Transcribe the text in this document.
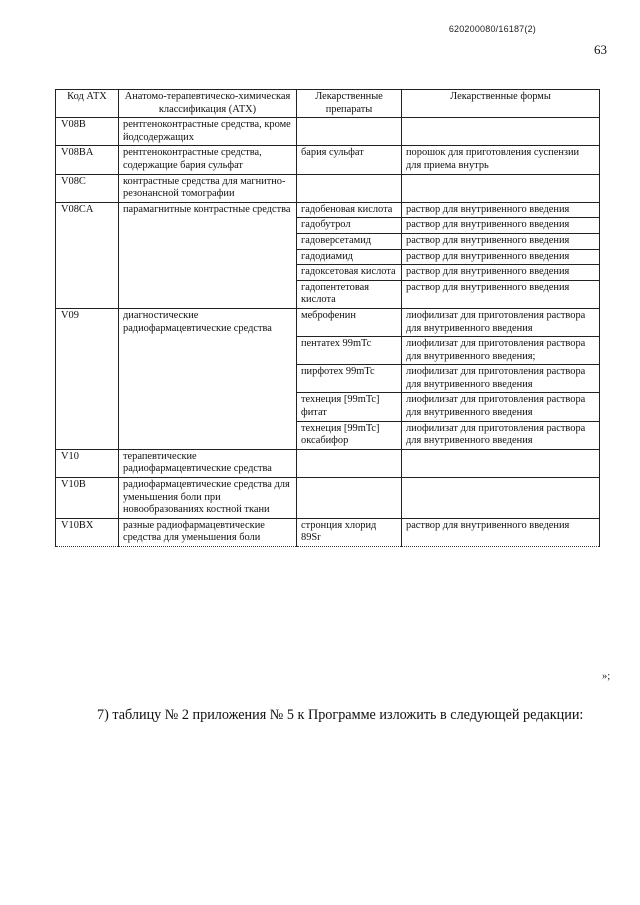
620200080/16187(2)
63
Код АТХ	Анатомо-терапевтическо-химическая классификация (АТХ)	Лекарственные препараты	Лекарственные формы
V08B	рентгеноконтрастные средства, кроме йодсодержащих		
V08BA	рентгеноконтрастные средства, содержащие бария сульфат	бария сульфат	порошок для приготовления суспензии для приема внутрь
V08C	контрастные средства для магнитно-резонансной томографии		
V08CA	парамагнитные контрастные средства	гадобеновая кислота	раствор для внутривенного введения
		гадобутрол	раствор для внутривенного введения
		гадоверсетамид	раствор для внутривенного введения
		гадодиамид	раствор для внутривенного введения
		гадоксетовая кислота	раствор для внутривенного введения
		гадопентетовая кислота	раствор для внутривенного введения
V09	диагностические радиофармацевтические средства	меброфенин	лиофилизат для приготовления раствора для внутривенного введения
		пентатех 99mTc	лиофилизат для приготовления раствора для внутривенного введения;
		пирфотех 99mTc	лиофилизат для приготовления раствора для внутривенного введения
		технеция [99mTc] фитат	лиофилизат для приготовления раствора для внутривенного введения
		технеция [99mTc] оксабифор	лиофилизат для приготовления раствора для внутривенного введения
V10	терапевтические радиофармацевтические средства		
V10B	радиофармацевтические средства для уменьшения боли при новообразованиях костной ткани		
V10BX	разные радиофармацевтические средства для уменьшения боли	стронция хлорид 89Sr	раствор для внутривенного введения
»;

7) таблицу № 2 приложения № 5 к Программе изложить в следующей редакции:
